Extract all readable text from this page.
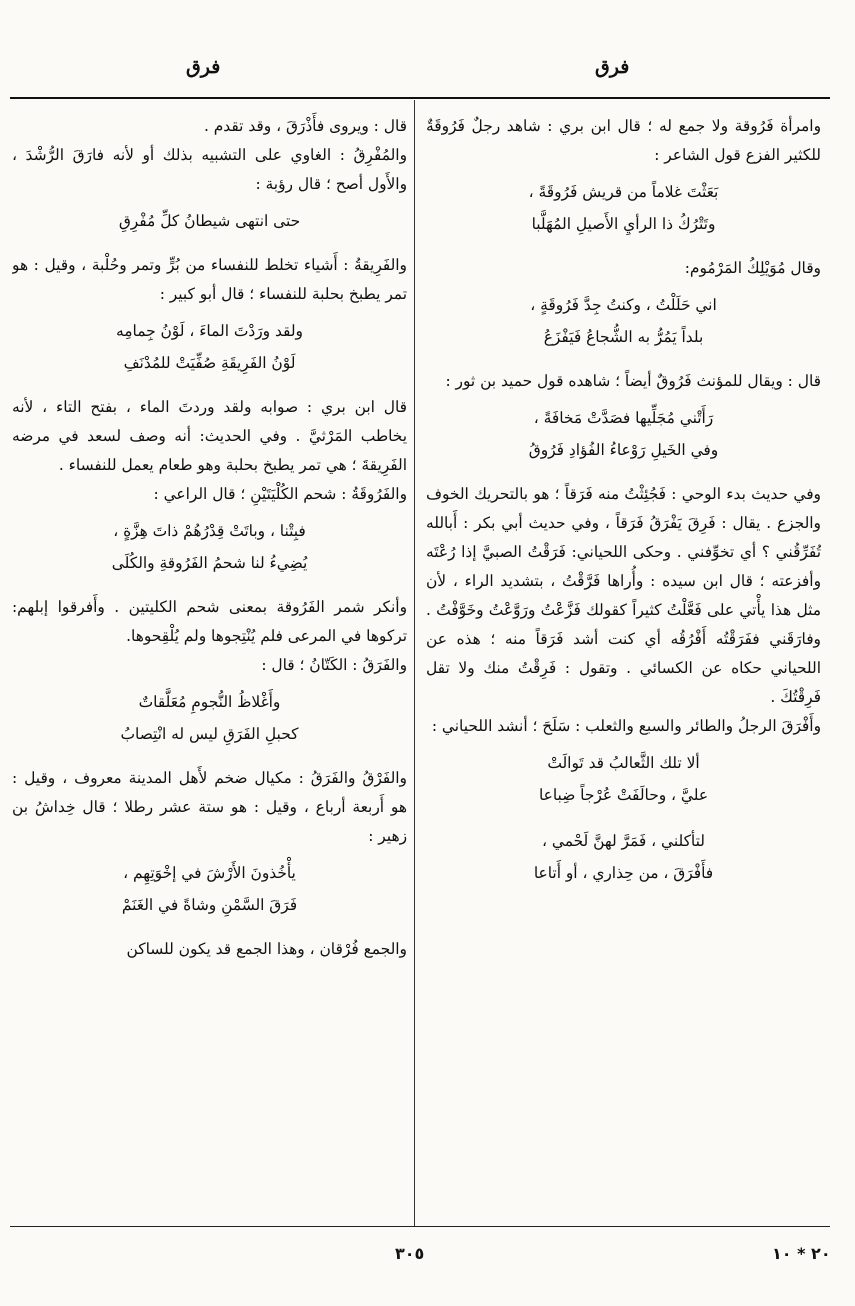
فرق
فرق

وامرأة فَرُوقة ولا جمع له ؛ قال ابن بري : شاهد رجلٌ فَرُوقَةٌ للكثير الفزع قول الشاعر :

بَعَثْتَ غلاماً من قريش فَرُوقَةً ،

وتَتْرُكُ ذا الرأيِ الأَصيلِ المُهَلَّبا

وقال مُوَيْلِكُ المَرْمُوم:

اني حَلَلْتُ ، وكنتُ جِدَّ فَرُوقَةٍ ،

بلداً يَمُرُّ به الشُّجاعُ فَيَفْزَعُ

قال : ويقال للمؤنث فَرُوقٌ أيضاً ؛ شاهده قول حميد بن ثور :

رَأَتْني مُجَلِّيها فصَدَّتْ مَخافَةً ،

وفي الخَيلِ رَوْعاءُ الفُؤادِ فَرُوقُ

وفي حديث بدء الوحي : فَجُئِثْتُ منه فَرَقاً ؛ هو بالتحريك الخوف والجزع . يقال : فَرِقَ يَفْرَقُ فَرَقاً ، وفي حديث أبي بكر : أَبالله تُفَرِّقُني ؟ أي تخوِّفني . وحكى اللحياني: فَرَقْتُ الصبيَّ إذا رُعْتَه وأفزعته ؛ قال ابن سيده : وأُراها فَرَّقْتُ ، بتشديد الراء ، لأن مثل هذا يأْتي على فَعَّلْتُ كثيراً كقولك فَزَّعْتُ ورَوَّعْتُ وخَوَّفْتُ . وفارَقَني ففَرَقْتُه أَفْرُقُه أي كنت أشد فَرَقاً منه ؛ هذه عن اللحياني حكاه عن الكسائي . وتقول : فَرِقْتُ منك ولا تقل فَرِقْتُكَ .

وأَفْرَقَ الرجلُ والطائر والسبع والثعلب : سَلَحَ ؛ أنشد اللحياني :

ألا تلك الثَّعالبُ قد تَوالَتْ

عليَّ ، وحالَفَتْ عُرْجاً ضِباعا

لتأكلني ، فَمَرَّ لهنَّ لَحْمي ،

فأَفْرَقَ ، من حِذاري ، أو أَتاعا

قال : ويروى فأَذْرَقَ ، وقد تقدم .

والمُفْرِقُ : الغاوي على التشبيه بذلك أو لأنه فارَقَ الرُّشْدَ ، والأَول أصح ؛ قال رؤبة :

حتى انتهى شيطانُ كلِّ مُفْرِقِ

والفَرِيقةُ : أَشياء تخلط للنفساء من بُرٍّ وتمر وحُلْبة ، وقيل : هو تمر يطبخ بحلبة للنفساء ؛ قال أبو كبير :

ولقد ورَدْتَ الماءَ ، لَوْنُ جِمامِه

لَوْنُ الفَرِيقَةِ صُفِّيَتْ للمُدْنَفِ

قال ابن بري : صوابه ولقد وردتَ الماء ، بفتح التاء ، لأنه يخاطب المَرْثيَّ . وفي الحديث: أنه وصف لسعد في مرضه الفَرِيقةَ ؛ هي تمر يطبخ بحلبة وهو طعام يعمل للنفساء .

والفَرُوقَةُ : شحم الكُلْيَتَيْنِ ؛ قال الراعي :

فبِتْنا ، وباتَتْ قِدْرُهُمْ ذاتَ هِزَّةٍ ،

يُضِيءُ لنا شحمُ الفَرُوقةِ والكُلَى

وأنكر شمر الفَرُوقة بمعنى شحم الكليتين . وأَفرقوا إبلهم: تركوها في المرعى فلم يُنْتِجوها ولم يُلْقِحوها.

والفَرَقُ : الكَتّانُ ؛ قال :

وأَغْلاظُ النُّجومِ مُعَلَّقاتٌ

كحبلِ الفَرَقِ ليس له انْتِصابُ

والفَرْقُ والفَرَقُ : مكيال ضخم لأَهل المدينة معروف ، وقيل : هو أَربعة أرباع ، وقيل : هو ستة عشر رطلا ؛ قال خِداشُ بن زهير :

يأْخُذونَ الأَرْشَ في إخْوَتِهِم ،

فَرَقَ السَّمْنِ وشاةً في الغَنَمْ

والجمع فُرْقان ، وهذا الجمع قد يكون للساكن

٣٠٥	٢٠ * ١٠
